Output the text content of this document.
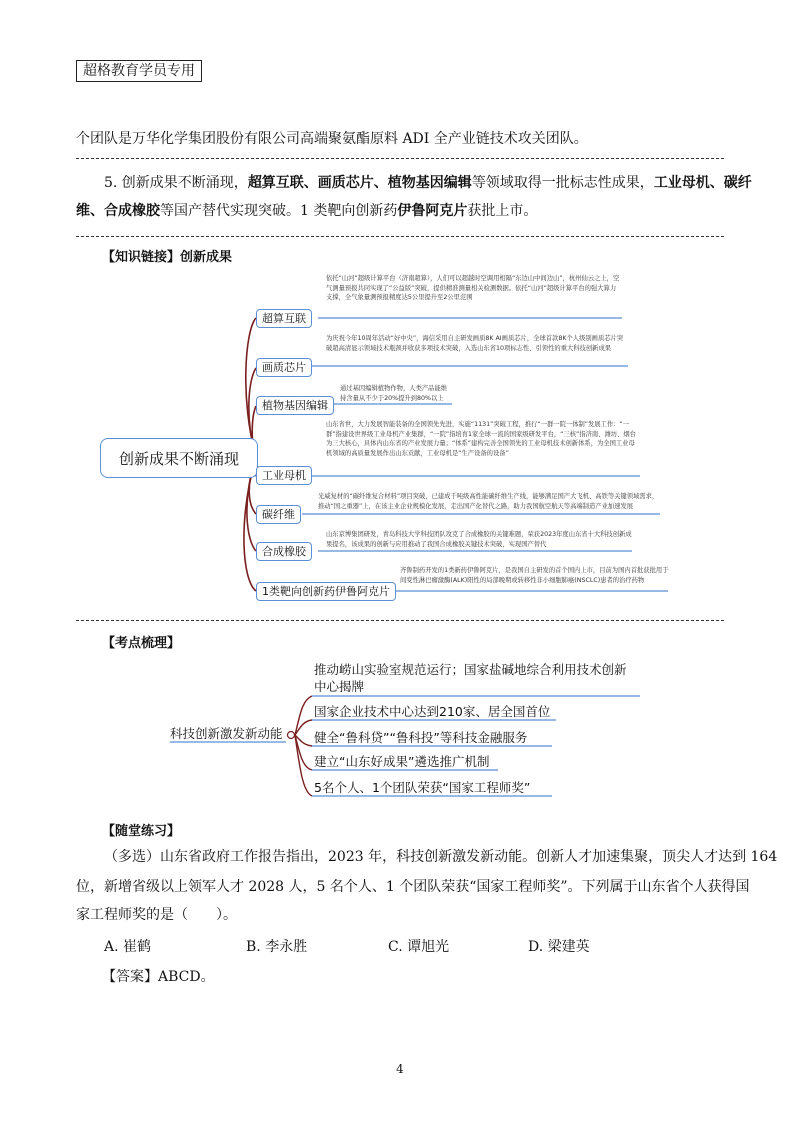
超格教育学员专用
个团队是万华化学集团股份有限公司高端聚氨酯原料 ADI 全产业链技术攻关团队。
5. 创新成果不断涌现，超算互联、画质芯片、植物基因编辑等领域取得一批标志性成果，工业母机、碳纤
维、合成橡胶等国产替代实现突破。1 类靶向创新药伊鲁阿克片获批上市。
【知识链接】创新成果
创新成果不断涌现
超算互联
依托“山河”超级计算平台（济南超算），人们可以超越时空调用相隔“东边山中间边山”，杭州仙云之上，空气测量预报共同实现了“公益版”突破，提供精准测量相关检测数据。依托“山河”超级计算平台的强大算力支撑，全气象量测预报精度达5公里提升至2公里范围
画质芯片
为庆祝今年10周年活动“好中央”，海信采用自主研发画质8K AI画质芯片，全球首款8K个人级别画质芯片突破超高清显示领域技术瓶颈并收获多项技术突破，入选山东省10项标志性、引领性的重大科技创新成果
植物基因编辑
通过基因编辑植物作物，人类产品能维持含量从不少于20%提升到80%以上
工业母机
山东省世，大力发展智能装备的全国领先先进，实施“1131”突破工程，推行“一群一院一体制”发展工作：“一群”指建设世界级工业母机产业集群，“一院”指培育1家全球一流的国家级研发平台，“三核”指济南、潍坊、烟台为三大核心，具体内山东省的产业发展力量；“体系”建构完善全国领先的工业母机技术创新体系，为全国工业母机领域的高质量发展作出山东贡献，工业母机是“生产设备的设备”
碳纤维
光威复材的“碳纤维复合材料”项目突破，已建成千吨级高性能碳纤维生产线，能够满足国产大飞机、高铁等关键领域需求，推动“国之重器”上，在该主业企业规模化发展，走出国产化替代之路，助力我国航空航天等高端制造产业加速发展
合成橡胶
山东京博集团研发，青岛科技大学科技团队攻克了合成橡胶的关键难题，荣获2023年度山东省十大科技创新成果提名，该成果的创新与应用推动了我国合成橡胶关键技术突破，实现国产替代
1类靶向创新药伊鲁阿克片
齐鲁制药开发的1类新药伊鲁阿克片，是我国自主研发的首个国内上市，目前为国内首批获批用于间变性淋巴瘤激酶(ALK)阳性的局部晚期或转移性非小细胞肺癌(NSCLC)患者的治疗药物
【考点梳理】
科技创新激发新动能
推动崂山实验室规范运行；国家盐碱地综合利用技术创新
中心揭牌
国家企业技术中心达到210家、居全国首位
健全“鲁科贷”“鲁科投”等科技金融服务
建立“山东好成果”遴选推广机制
5名个人、1个团队荣获“国家工程师奖”
【随堂练习】
（多选）山东省政府工作报告指出，2023 年，科技创新激发新动能。创新人才加速集聚，顶尖人才达到 164
位，新增省级以上领军人才 2028 人，5 名个人、1 个团队荣获“国家工程师奖”。下列属于山东省个人获得国
家工程师奖的是（　　）。
A. 崔鹤	B. 李永胜	C. 谭旭光	D. 梁建英
【答案】ABCD。
4
